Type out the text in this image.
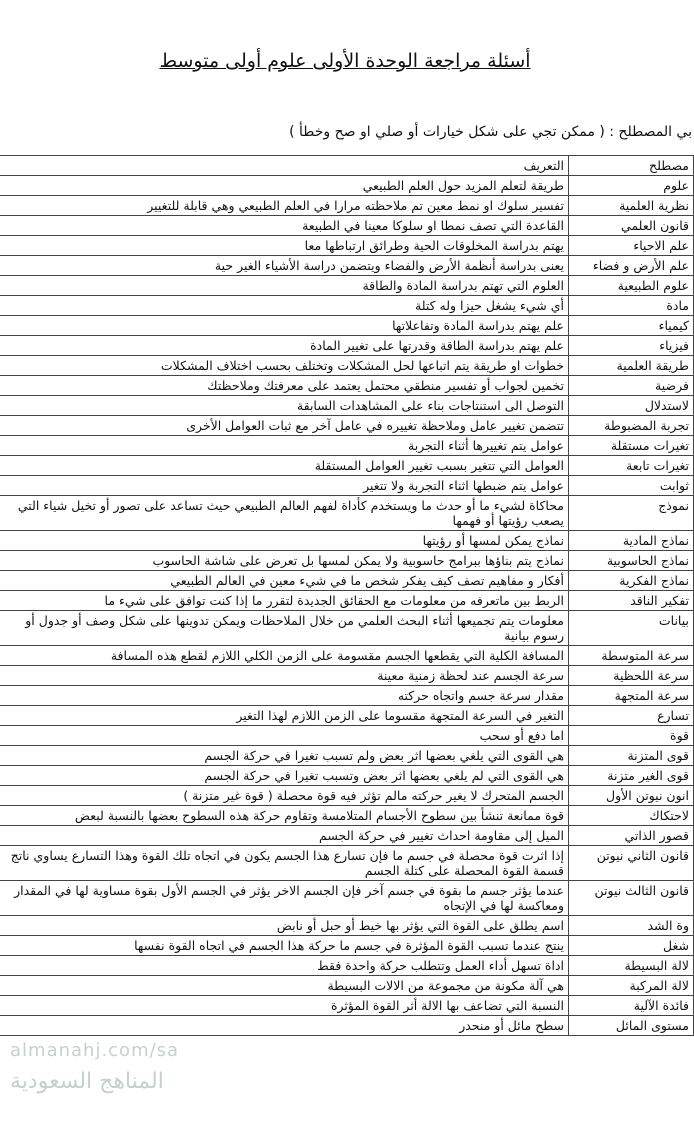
أسئلة مراجعة الوحدة الأولى علوم أولى متوسط
بي المصطلح : ( ممكن تجي على شكل خيارات أو صلي او صح وخطأ )
مصطلح	التعريف
علوم	طريقة لتعلم المزيد حول العلم الطبيعي
نظرية العلمية	تفسير سلوك او نمط معين تم ملاحظته مرارا في العلم الطبيعي وهي قابلة للتغيير
قانون العلمي	القاعدة التي تصف نمطا او سلوكا معينا في الطبيعة
علم الاحياء	يهتم بدراسة المخلوقات الحية وطرائق ارتباطها معا
علم الأرض و فضاء	يعنى بدراسة أنظمة الأرض والفضاء ويتضمن دراسة الأشياء الغير حية
علوم الطبيعية	العلوم التي تهتم بدراسة المادة والطاقة
مادة	أي شيء يشغل حيزا وله كتلة
كيمياء	علم يهتم بدراسة المادة وتفاعلاتها
فيزياء	علم يهتم بدراسة الطاقة وقدرتها على تغيير المادة
طريقة العلمية	خطوات او طريقة يتم اتباعها لحل المشكلات وتختلف بحسب اختلاف المشكلات
فرضية	تخمين لجواب أو تفسير منطقي محتمل يعتمد على معرفتك وملاحظتك
لاستدلال	التوصل الى استنتاجات بناء على المشاهدات السابقة
تجربة المضبوطة	تتضمن تغيير عامل وملاحظة تغييره في عامل آخر مع ثبات العوامل الأخرى
تغيرات مستقلة	عوامل يتم تغييرها أثناء التجربة
تغيرات تابعة	العوامل التي تتغير بسبب تغيير العوامل المستقلة
ثوابت	عوامل يتم ضبطها اثناء التجربة ولا تتغير
نموذج	محاكاة لشيء ما أو حدث ما ويستخدم كأداة لفهم العالم الطبيعي حيث تساعد على تصور أو تخيل شياء التي يصعب رؤيتها أو فهمها
نماذج المادية	نماذج يمكن لمسها أو رؤيتها
نماذج الحاسوبية	نماذج يتم بناؤها ببرامج حاسوبية ولا يمكن لمسها بل تعرض على شاشة الحاسوب
نماذج الفكرية	أفكار و مفاهيم تصف كيف يفكر شخص ما في شيء معين في العالم الطبيعي
تفكير الناقد	الربط بين ماتعرفه من معلومات مع الحقائق الجديدة لتقرر ما إذا كنت توافق على شيء ما
بيانات	معلومات يتم تجميعها أثناء البحث العلمي من خلال الملاحظات ويمكن تدوينها على شكل وصف أو جدول أو رسوم بيانية
سرعة المتوسطة	المسافة الكلية التي يقطعها الجسم مقسومة على الزمن الكلي اللازم لقطع هذه المسافة
سرعة اللحظية	سرعة الجسم عند لحظة زمنية معينة
سرعة المتجهة	مقدار سرعة جسم واتجاه حركته
تسارع	التغير في السرعة المتجهة مقسوما على الزمن اللازم لهذا التغير
قوة	اما دفع أو سحب
قوى المتزنة	هي القوى التي يلغي بعضها اثر بعض ولم تسبب تغيرا في حركة الجسم
قوى الغير متزنة	هي القوى التي لم يلغي بعضها اثر بعض وتسبب تغيرا في حركة الجسم
انون نيوتن الأول	الجسم المتحرك لا يغير حركته مالم تؤثر فيه قوة محصلة ( قوة غير متزنة )
لاحتكاك	قوة ممانعة تنشأ بين سطوح الأجسام المتلامسة وتقاوم حركة هذه السطوح بعضها بالنسبة لبعض
قصور الذاتي	الميل إلى مقاومة احداث تغيير في حركة الجسم
قانون الثاني نيوتن	إذا اثرت قوة محصلة في جسم ما فإن تسارع هذا الجسم يكون في اتجاه تلك القوة وهذا التسارع يساوي ناتج قسمة القوة المحصلة على كتلة الجسم
قانون الثالث نيوتن	عندما يؤثر جسم ما بقوة في جسم آخر فإن الجسم الاخر يؤثر في الجسم الأول بقوة مساوية لها في المقدار ومعاكسة لها في الإتجاه
وة الشد	اسم يطلق على القوة التي يؤثر بها خيط أو حبل أو نابض
شغل	ينتج عندما تسبب القوة المؤثرة في جسم ما حركة هذا الجسم في اتجاه القوة نفسها
لالة البسيطة	اداة تسهل أداء العمل وتتطلب حركة واحدة فقط
لالة المركبة	هي آلة مكونة من مجموعة من الالات البسيطة
فائدة الآلية	النسبة التي تضاعف بها الالة أثر القوة المؤثرة
مستوى المائل	سطح مائل أو منحدر
almanahj.com/sa
المناهج السعودية
